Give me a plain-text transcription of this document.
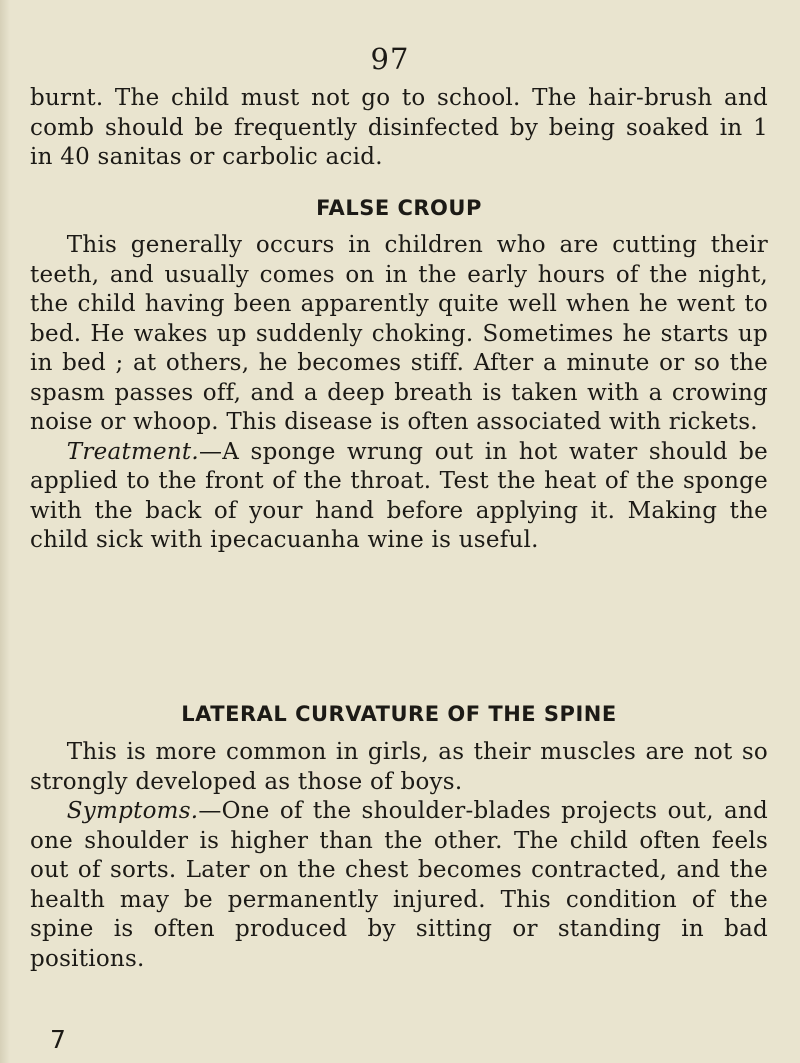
97

burnt. The child must not go to school. The hair-brush and comb should be frequently disinfected by being soaked in 1 in 40 sanitas or carbolic acid.

FALSE CROUP

This generally occurs in children who are cutting their teeth, and usually comes on in the early hours of the night, the child having been apparently quite well when he went to bed. He wakes up suddenly choking. Sometimes he starts up in bed ; at others, he becomes stiff. After a minute or so the spasm passes off, and a deep breath is taken with a crowing noise or whoop. This disease is often associated with rickets.

Treatment.—A sponge wrung out in hot water should be applied to the front of the throat. Test the heat of the sponge with the back of your hand before applying it. Making the child sick with ipecacuanha wine is useful.

LATERAL CURVATURE OF THE SPINE

This is more common in girls, as their muscles are not so strongly developed as those of boys.

Symptoms.—One of the shoulder-blades projects out, and one shoulder is higher than the other. The child often feels out of sorts. Later on the chest becomes contracted, and the health may be permanently injured. This condition of the spine is often produced by sitting or standing in bad positions.

7
